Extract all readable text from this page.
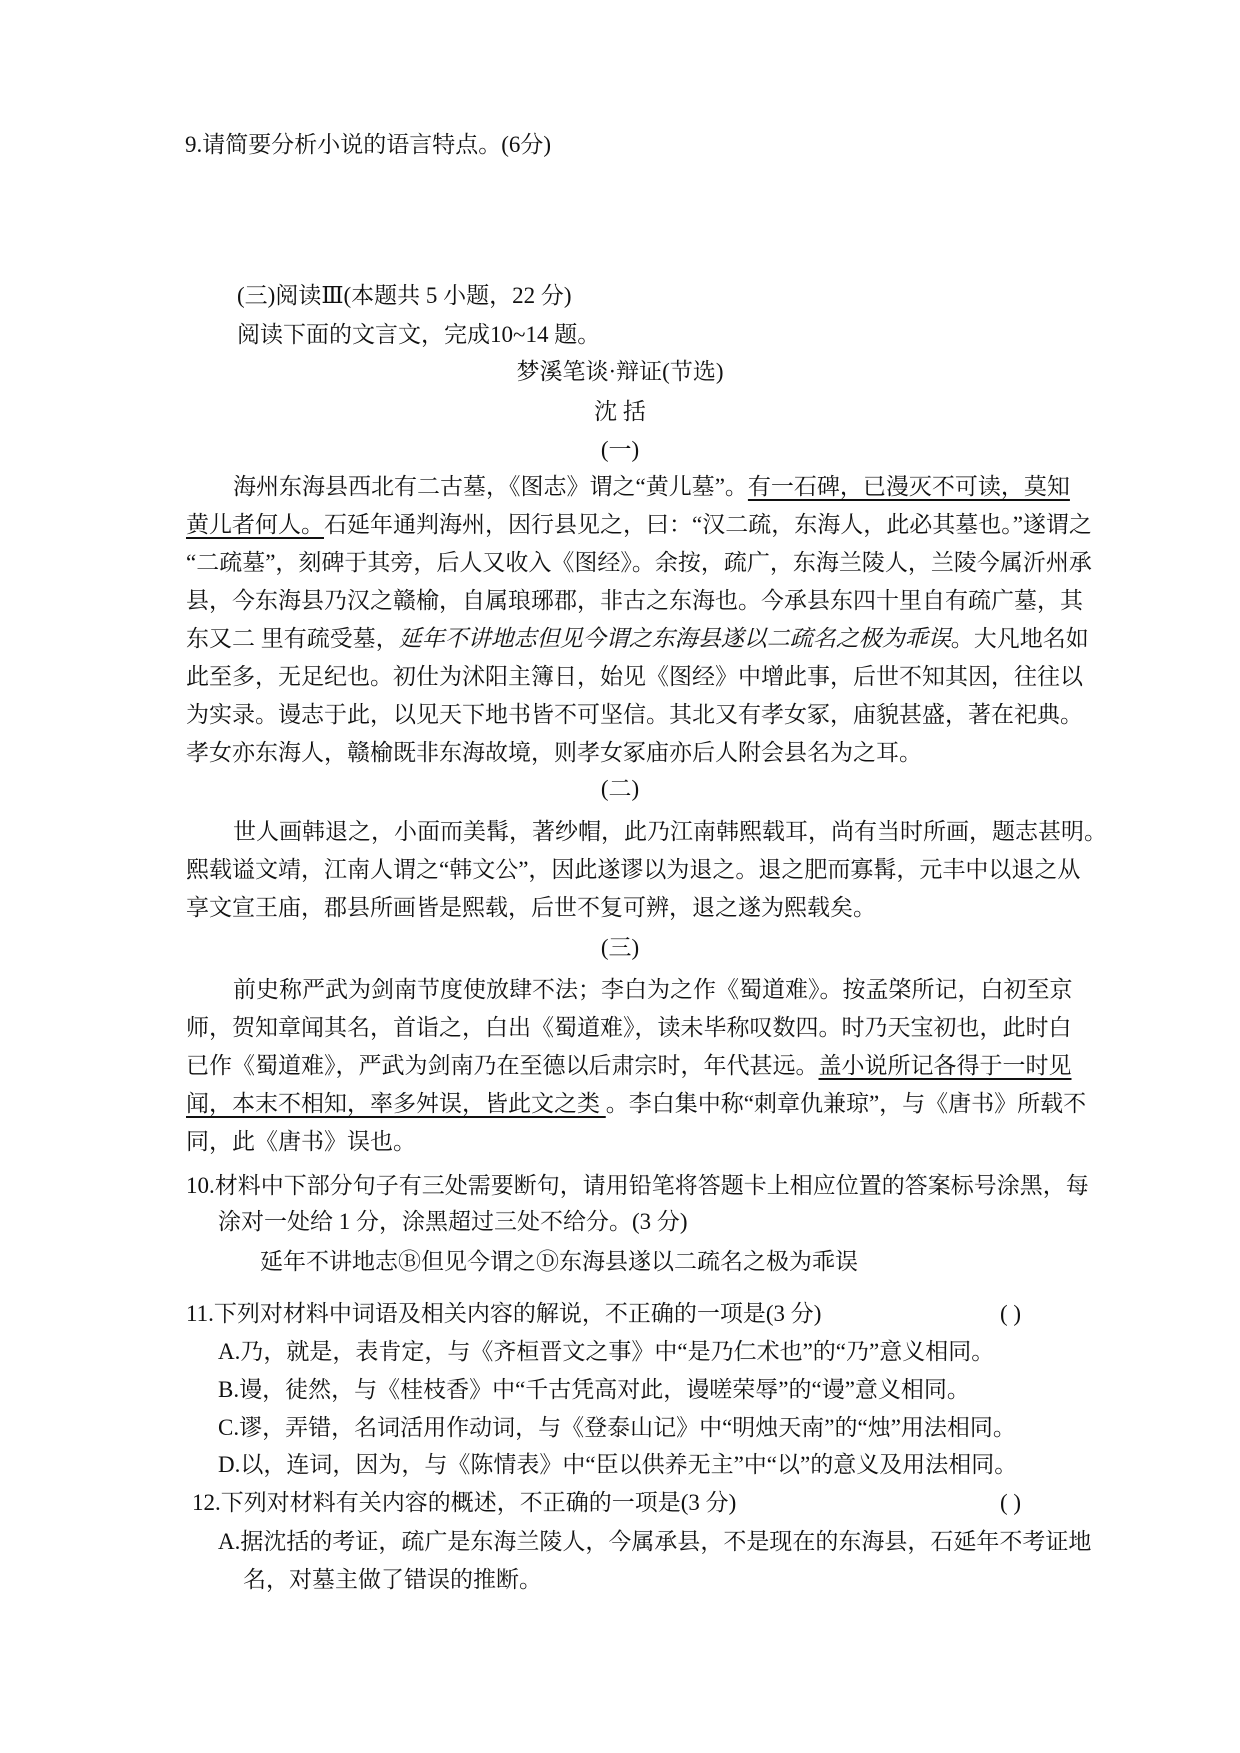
9.请简要分析小说的语言特点。(6分)
(三)阅读Ⅲ(本题共 5 小题，22 分)
阅读下面的文言文，完成10~14 题。
梦溪笔谈·辩证(节选)
沈 括
(一)
海州东海县西北有二古墓，《图志》谓之“黄儿墓”。有一石碑，已漫灭不可读，莫知
黄儿者何人。石延年通判海州，因行县见之，曰：“汉二疏，东海人，此必其墓也。”遂谓之
“二疏墓”，刻碑于其旁，后人又收入《图经》。余按，疏广，东海兰陵人，兰陵今属沂州承
县，今东海县乃汉之赣榆，自属琅琊郡，非古之东海也。今承县东四十里自有疏广墓，其
东又二 里有疏受墓，延年不讲地志但见今谓之东海县遂以二疏名之极为乖误。大凡地名如
此至多，无足纪也。初仕为沭阳主簿日，始见《图经》中增此事，后世不知其因，往往以
为实录。谩志于此，以见天下地书皆不可坚信。其北又有孝女冢，庙貌甚盛，著在祀典。
孝女亦东海人，赣榆既非东海故境，则孝女冢庙亦后人附会县名为之耳。
(二)
世人画韩退之，小面而美髯，著纱帽，此乃江南韩熙载耳，尚有当时所画，题志甚明。
熙载谥文靖，江南人谓之“韩文公”，因此遂谬以为退之。退之肥而寡髯，元丰中以退之从
享文宣王庙，郡县所画皆是熙载，后世不复可辨，退之遂为熙载矣。
(三)
前史称严武为剑南节度使放肆不法；李白为之作《蜀道难》。按孟棨所记，白初至京
师，贺知章闻其名，首诣之，白出《蜀道难》，读未毕称叹数四。时乃天宝初也，此时白
已作《蜀道难》，严武为剑南乃在至德以后肃宗时，年代甚远。盖小说所记各得于一时见
闻，本末不相知，率多舛误，皆此文之类 。李白集中称“刺章仇兼琼”，与《唐书》所载不
同，此《唐书》误也。
10.材料中下部分句子有三处需要断句，请用铅笔将答题卡上相应位置的答案标号涂黑，每
涂对一处给 1 分，涂黑超过三处不给分。(3 分)
延年不讲地志Ⓑ但见今谓之Ⓓ东海县遂以二疏名之极为乖误
11.下列对材料中词语及相关内容的解说，不正确的一项是(3 分)	( )
A.乃，就是，表肯定，与《齐桓晋文之事》中“是乃仁术也”的“乃”意义相同。
B.谩，徒然，与《桂枝香》中“千古凭高对此，谩嗟荣辱”的“谩”意义相同。
C.谬，弄错，名词活用作动词，与《登泰山记》中“明烛天南”的“烛”用法相同。
D.以，连词，因为，与《陈情表》中“臣以供养无主”中“以”的意义及用法相同。
12.下列对材料有关内容的概述，不正确的一项是(3 分)	( )
A.据沈括的考证，疏广是东海兰陵人，今属承县，不是现在的东海县，石延年不考证地
名，对墓主做了错误的推断。
